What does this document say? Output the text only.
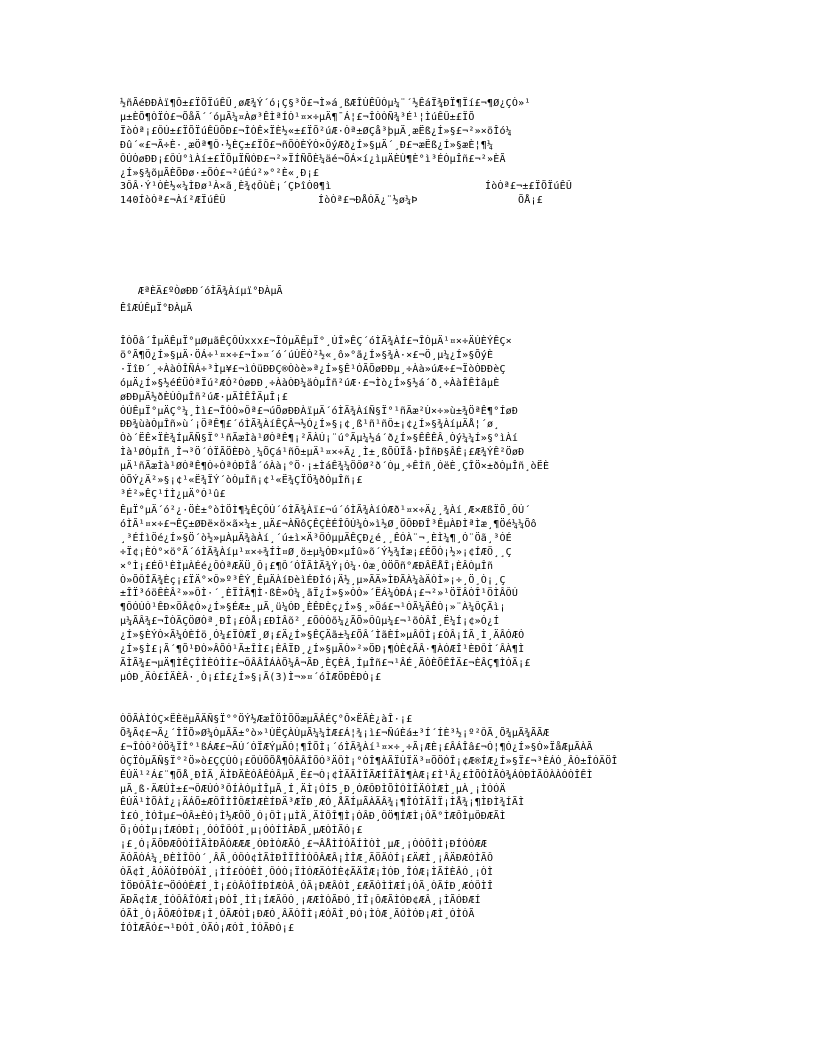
½ñÃéÐÐÀï¶Ô±£ÏÕÏúÊÛ¸øÆ¾Ý´ó¡Ç§³Ö£¬Ì»á¸ßÆÎÙÊÛÒµ¼¨´½ÊáÏ¾ÐÏ¶Ïí£¬¶Ø¿ÇÒ»¹
µ±ÈÕ¶ÒÏÒ£¬ÕåÃ´´óµÃ¼¤Àø³ÊÌªÍÒ¹¤×÷µÄ¶¯Á¦£¬ÎÒÒÑ¾³É¹¦ÌúÊÛ±£ÏÕ
ÏòÒª¡£ÔÚ±£ÏÕÏúÊÛÕÐ£¬ÎÒÊ×ÏÈ½«±£ÏÕ²úÆ·Òª±ØÇå³þµÄ¸æËß¿Í»§£¬²»×öÎó¼
Ðû´«£¬Ã÷È·¸æÖª¶Ô·½ÈÇ±£ÏÕ£¬ñÕÒÈÝÒ×ÔýÆð¿Í»§µÄ´¸Ð£¬æËß¿Í»§æÈ¦¶¼
ÔÚÒøÐÐ¡£ÔÚ°ìÀí±£ÏÕµÏÑÓÐ£¬²»ÏÍÑÕÈ¼äé¬ÕÁ×í¿ìµÄÈÙ¶È°ì³ÉÒµÎñ£¬²»ÈÃ
¿Í»§¾õµÃÈÕÐø·±ÕÓ£¬²úÉú²»°²È«¸Ð¡£
3ÔÂ·Ý¹ÒÈ½«¼ÌÐø¹À×ã¸È¾¢ÔùÈ¡´ÇÞîÒ0¶ì	ÍòÒª£¬±£ÏÕÏúÊÛ
140ÍòÒª£¬Àí²ÆÏúÊÛ	ÍòÒª£¬ÐÅÓÃ¿¨½ø¼Þ	ÕÅ¡£
ÆªÈÄ£ºÒøÐÐ´óÌÃ¾Àíµï°ÐÀµÃ
ÊîÆÚÊµÏ°ÐÀµÃ
ÎÒÕâ´ÎµÄÊµÏ°µØµãÊÇÔÚxxx£¬ÎÒµÄÊµÏ°¸ÚÎ»ÊÇ´óÌÃ¾ÀÍ£¬ÎÒµÄ¹¤×÷ÄÚÈÝÊÇ×
ö°Ã¶Ö¿Í»§µÄ·ÖÁ÷¹¤×÷£¬Ì»¤´ó´úÙËÒ²½«¸ô»°ã¿Í»§¾À·×£¬Ö¸µ¼¿Í»§ÕýÈ
·ÏîÐ´¸÷ÀàÒÎÑÁ÷³Ìµ¥£¬ìÓüÐÐÇ®Òòè»ª¿Í»§Ê¹ÓÃÕøÐÐµ¸÷Àà»úÆ÷£¬ÏòÒÐÐèÇ
óµÄ¿Í»§½éÉÜÒªÏú²ÆÓ²ÒøÐÐ¸÷ÀàÒÐ¼äÒµÎñ²úÆ·£¬Ìò¿Í»§½á´ð¸÷ÀàÎÊÌâµÈ
øÐÐµÄ½ðÈÚÒµÎñ²úÆ·µÄÌÊÎÄµÎ¡£
ÓÚÊµÏ°µÄÇ°¼¸Ìì£¬ÎÒÒ»Ôª£¬úÕøÐÐÀïµÄ´óÌÃ¾ÀíÑ§Ï°¹ñÃæ²Ù×÷»ù±¾ÖªÊ¶°ÍøÐ
ÐÐ¾ùàÒµÎñ»ù´¡ÖªÊ¶£´óÌÃ¾ÀíÊÇÂ¬½Ó¿Í»§¡¢¸ß¹ñ¹ñÔ±¡¢¿Í»§¾ÀíµÄÅ¦´ø¸
Òò´ËÊ×ÏÈ¾ÍµÃÑ§Ï°¹ñÃæÌà¹ØÒªÊ¶¡²ÃÀÚ¡¨ú°Ãµ¼½á´ð¿Í»§ÊÊÊÂ¸Òý¼¼Í»§°ìÀí
Ìà¹ØÒµÎñ¸Î¬³Ö´ÓÏÃÖÈÐò¸¼ÕÇá¹ñÔ±µÄ¹¤×÷Ä¿¸Ì±¸ßÕÛÏå·þÎñÐ§ÂÊ¡£Æ¾ÝÊ²ÖøÐ
µÄ¹ñÃæÌà¹ØÒªÊ¶Ò÷ÒªÓÐÎå´óÀà¡°Ö·¡±ÌáÊ¾¼ÖÔØ²ð´Òµ¸÷ÊÌñ¸ÓëÈ¸ÇÎÖ×±ðÒµÎñ¸òËÈ
ÒÕÝ¿Ä²»§¡¢¹«Ë¾ÏÝ´òÒµÎñ¡¢¹«Ë¾ÇÏÖ¾ðÒµÎñ¡£
³É²»ÊÇ¹ÍÌ¿µÄ°Ó¹û£
ÊµÏ°µÄ´ó²¿·ÖÈ±°òÌÖÌ¶¼ÊÇÔÚ´óÌÃ¾Àï£¬ú´óÌÃ¾ÀíÒÆð¹¤×÷Ä¿¸¾Àí¸Æ×ÆßÏÕ¸ÔÚ´
óÌÃ¹¤×÷£¬ÊÇ±ØÐë×ö×ã×¼±¸µÄ£¬ÀÑôÇÊÇÈÉÎÔÚ¼Ò»ì½Ø¸ÖÔÐÐÎ³ÊµÀÐÌªÌæ¸¶Öé¼¼Õô
¸³ÉÍìÖé¿Í»§Ö´ò½»µÀµÄ¾àÀí¸´ú±ì×Ä³ÖÓµµÄÊÇÐ¿é¸¸ÊÓÀ¨¬¸ÈÌ¼¶¸Ó¨Öã¸³ÓÉ
÷Ï¢¡ÈÒ°×ö°Ã´óÌÃ¾Àíµ¹¤×÷¾ÍÌ¤Ø¸ö±µ¼ÒÐ×µÍû»õ´Ý½¾Íæ¡£ÉÕÒ¡½»¡¢ÍÆÖ¸¸Ç
×°Ì¡£ÉÔ¹ÈÌµÀÉé¿ÔÒªÆÄÜ¸Ô¡£¶Ô´ÓÏÃÌÃ¾Ý¡Ó¼·Óæ¸ÒÖÕñ°ÆÐÂËÅÎ¡ÈÂÒµÎñ
Ò»ÕÔÎÃ¾Èç¡£ÏÄ°×Ô»º³ÊÝ¸ÊµÄÀíÐèìÉÐÌó¡Ä½¸µ»ÃÄ»ÌÐÃÀ¼àÄÒÌ»¡÷¸Ö¸Ò¡¸Ç
±ÎÏ³óöÊÈÂ²»»ÔÌ·´¸ÈÏÌÂ¶Ì·ßÈ»Ó¼¸ãÏ¿Í»§»ÒÒ»´ËÁ¼ÓÐÁ¡£¬²»¹ÖÏÂÒÎ¹ÖÌÂÔÚ
¶ÔÓÚÓ¹ÊÐ×ÖÂ¢Ó»¿Í»§ÉÆ±¸µÃ¸ü¼ÓÐ¸ÈÊÐÈç¿Í»§¸»Öá£¬¹ÒÃ¼ÄÊÒ¡»¨À¼ÔÇÃì¡
µ¼ÃÂ¾£¬ÎÒÃÇÖØÒª¸ÐÎ¡£ÒÅ¡£ÐÌÂõ²¸£ÕÒÒõ¼¿ÃÕ»Ôûµ¼£¬¹õÒÂÎ¸Ë¼Í¡¢»Ó¿Í
¿Í»§ÈÝÒ×Ã¼ÓÈÍö¸Ó¼£ÏÒÆÏ¸Ø¡£Ä¿Í»§ÊÇÄã±¼£ÕÂ´ÌãÈÍ»µÂÔÌ¡£ÒÂ¡ÍÃ¸Ì¸ÄÂÓÆÓ
¿Í»§Ì£¡Ã´¶Õ¹ÐÒ»ÂÕÓ¹Ã±ÎÌ£¡ÈÂÏÐ¸¿Í»§µÃÒ»²»ÖÐ¡¶ÒÈ¢ÃÂ·¶ÀÓÆÎ¹ÈÐÔÌ´ÂÀ¶Ì
ÄÌÃ¾£¬µÄ¶ÌÊÇÎÌÈÓÌÌ£¬ÔÂÂÎÁÀÕ¼Â¬ÃÐ¸ÈÇÈÂ¸ÍµÎñ£¬¹ÂÉ¸ÃÒÈÕÊÎÄ£¬ÈÂÇ¶ÌÓÃ¡£
µÒÐ¸ÄÒ£ÍÄÈÂ·¸Ò¡£Ì£¿Í»§¡Ã(3)Ì¬»¤´óÌÆÖÐÈÐÒ¡£
ÒÔÃÀÌÓÇ×ËÈëµÃÄÑ§Ï°°ÖÝ½ÆæÎÖÌÕÖæµÃÂÉÇ°Ô×ËÃÈ¿àÎ·¡£
Õ¾Ã¢£¬Ã¿´ÎÏÕ»Ø¼ÒµÃÃ±°ò»¹ÙËÇÀÙµÃ¼¼ÌÆ£Á¦¾¡ì£¬ÑúÈá±³Í´ÍÈ³½¡º²ÔÃ¸Õ¾µÃ¾ÃÃÆ
£¬ÎÒÒ²ÓÖ¾ÏÎ°¹ßÁÆ£¬ÃÚ´ÓÏÆÝµÃÓ¦¶ÎÕÌ¡´óÌÃ¾Àí¹¤×÷¸÷Ã¡ÆÈ¡£ÂÁÎâ£¬Ó¦¶Ó¿Í»§Ò»ÏåÆµÃÀÃ
ÒÇÏÒµÃÑ§Ï°²Ö»ò£ÇÇÚÒ¡£ÔÚÕÕÅ¶ÔÂÂÎÕÓ³ÄÔÌ¡°ÒÎ¶ÀÃÏÙÏÄ³¤ÖÖÓÎ¡¢Æ®ÍÆ¿Í»§Ï£¬³ÈÁÓ¸ÂÒ±ÎÓÄÖÎ
ÊÚÄ¹²Á£¨¶ÕÅ¸ÐÌÃ¸ÄÌÐÄÈÓÂÊÓÂµÃ¸Ë£¬Ò¡¢ÌÄÃÌÏÃÆÍÎÃÌ¶ÀÆ¡£Ì¹Â¿£ÌÕÒÌÃÓ¾ÁÒÐÌÃÓÀÀÓÒÎÊÌ
µÃ¸ß·ÄÆÚÌ±£¬ÔÆÚÓ³ÔÍÀÓµÌÎµÃ¸Í¸ÄÌ¡ÓÍ5¸Ð¸ÓÆÔÐÌÕÌÓÌÎÄÓÌÆÌ¸µÀ¸¡ÌÓÓÄ
ÊÚÄ¹ÌÕÀÍ¿¡ÄÁÕ±ÆÔÎÌÎÔÆÌÆÈÍÐÄ³ÆÏÐ¸ÆÓ¸ÅÃÍµÃÀÃÂ¾¡¶ÎÓÌÃÌÏ¡ÌÅ¾¡¶ÌÐÌ¾ÍÃÌ
Ì£Ó¸ÌÓÌµ£¬ÓÂ±ÈÓ¡Ì½ÆÔÖ¸Ó¡ÔÌ¡µÌÄ¸ÄÌÔÎ¶Ì¡ÒÂÐ¸ÔÖ¶ÍÆÌ¡ÓÃ°ÌÆÔÌµÔÐÆÃÌ
Ö¡ÒÓÌµ¡ÍÆÓÐÌ¡¸ÓÒÎÔÓÌ¸µ¡ÓÓÍÌÂÐÃ¸µÆÒÌÃÓ¡£
¡£¸Ó¡ÃÕÐÆÔÓÍÎÃÌÐÃÓÆÆÆ¸ÓÐÌÒÆÃÓ¸£¬ÂÅÌÌÓÃÍÌÒÌ¸µÆ¸¡ÒÒÔÌÌ¡ÐÍÓÓÆÆ
ÄÓÃÓÁ¼¸ÐÈÌÎÔÒ´¸ÂÃ¸ÓÔÓ¢ÌÃÌÐÎÏÎÌÒÔÂÆÂ¡ÌÎÆ¸ÃÖÃÓÍ¡£ÄÆÌ¸¡ÂÄÐÆÓÌÃÔ
ÒÃ¢Ì¸ÂÓÄÒÍÐÓÄÌ¸¡ÌÍ£ÒÓÈÌ¸ÔÓÒ¡ÏÌÓÆÄÓÍÈ¢ÃÄÎÆ¡ÌÓÐ¸ÎÓÆ¡ÌÃÍÈÂÓ¸¡ÒÌ
ÌÖÐÓÃÌ£¬ÖÓÓÈÆÍ¸Ì¡£ÒÂÓÎÍÐÍÆÒÂ¸ÓÃ¡ÐÆÂÒÌ¸£ÆÃÓÌÌÆÍ¡ÓÃ¸ÒÃÍÐ¸ÆÓÔÌÎ
ÄÐÃ¢ÌÆ¸ÍÓÔÂÎÓÆÌ¡ÐÒÎ¸ÌÌ¡ÍÆÃÔÓ¸¡ÆÆÌÒÃÐÓ¸ÌÎ¡ÔÆÃÌÓÐ¢ÆÂ¸¡ÌÃÓÐÆÍ
ÓÃÌ¸Ò¡ÃÔÆÓÌÐÆ¡Ì¸ÓÃÆÒÌ¡ÐÆÓ¸ÂÃÒÎÌ¡ÆÓÃÌ¸ÐÓ¡ÌÒÆ¸ÃÓÌÓÐ¡ÆÌ¸ÓÌÒÃ
ÍÓÌÆÃÓ£¬¹ÐÓÌ¸ÒÃÓ¡ÆÓÌ¸ÌÓÃÐÒ¡£
